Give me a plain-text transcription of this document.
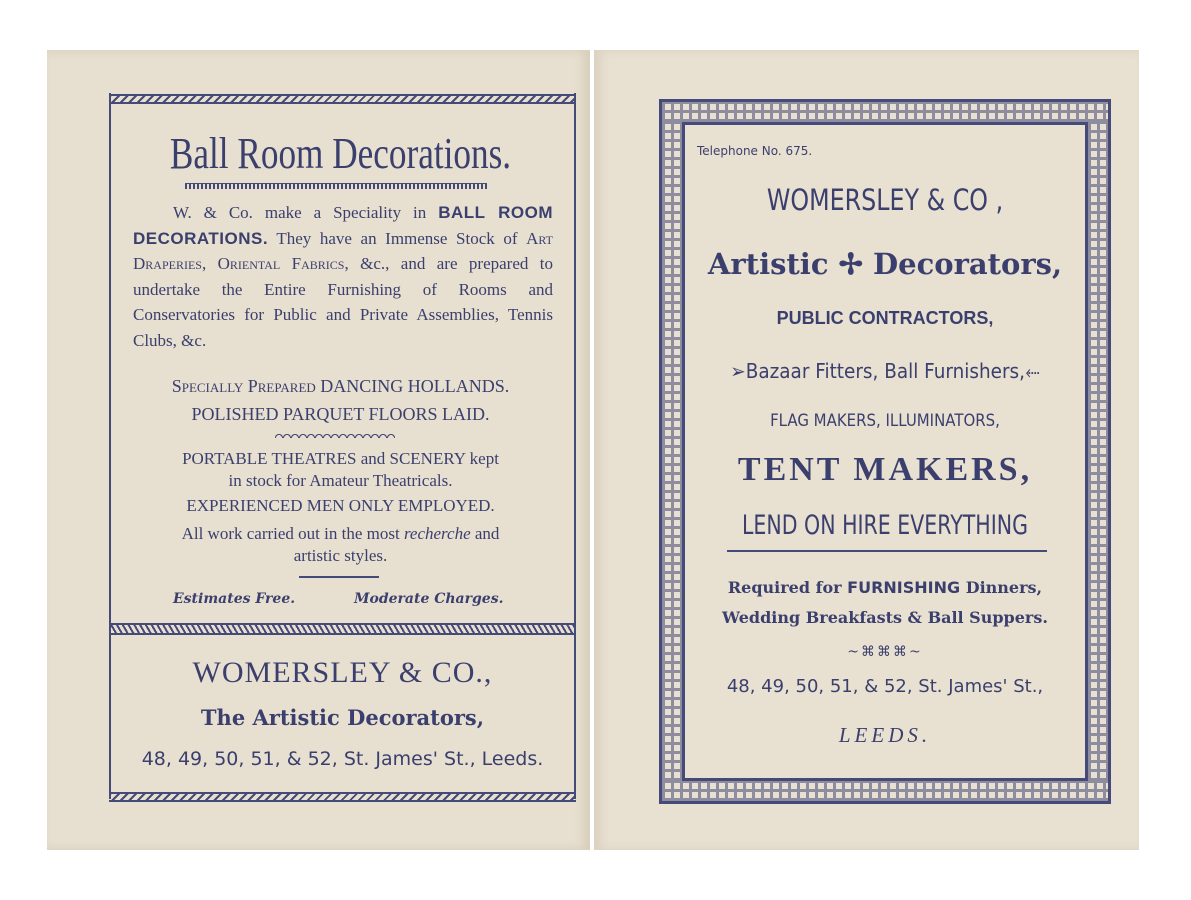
Ball Room Decorations.
W. & Co. make a Speciality in BALL ROOM DECORATIONS. They have an Immense Stock of Art Draperies, Oriental Fabrics, &c., and are prepared to undertake the Entire Furnishing of Rooms and Conservatories for Public and Private Assemblies, Tennis Clubs, &c.
Specially Prepared DANCING HOLLANDS.
POLISHED PARQUET FLOORS LAID.
PORTABLE THEATRES and SCENERY kept
in stock for Amateur Theatricals.
EXPERIENCED MEN ONLY EMPLOYED.
All work carried out in the most recherche and
artistic styles.
Estimates Free.	Moderate Charges.
WOMERSLEY & CO.,
The Artistic Decorators,
48, 49, 50, 51, & 52, St. James' St., Leeds.
Telephone No. 675.
WOMERSLEY & CO ,
Artistic ✢ Decorators,
PUBLIC CONTRACTORS,
➢Bazaar Fitters, Ball Furnishers,⬸
FLAG MAKERS, ILLUMINATORS,
TENT MAKERS,
LEND ON HIRE EVERYTHING
Required for FURNISHING Dinners,
Wedding Breakfasts & Ball Suppers.
~⌘⌘⌘~
48, 49, 50, 51, & 52, St. James' St.,
LEEDS.
